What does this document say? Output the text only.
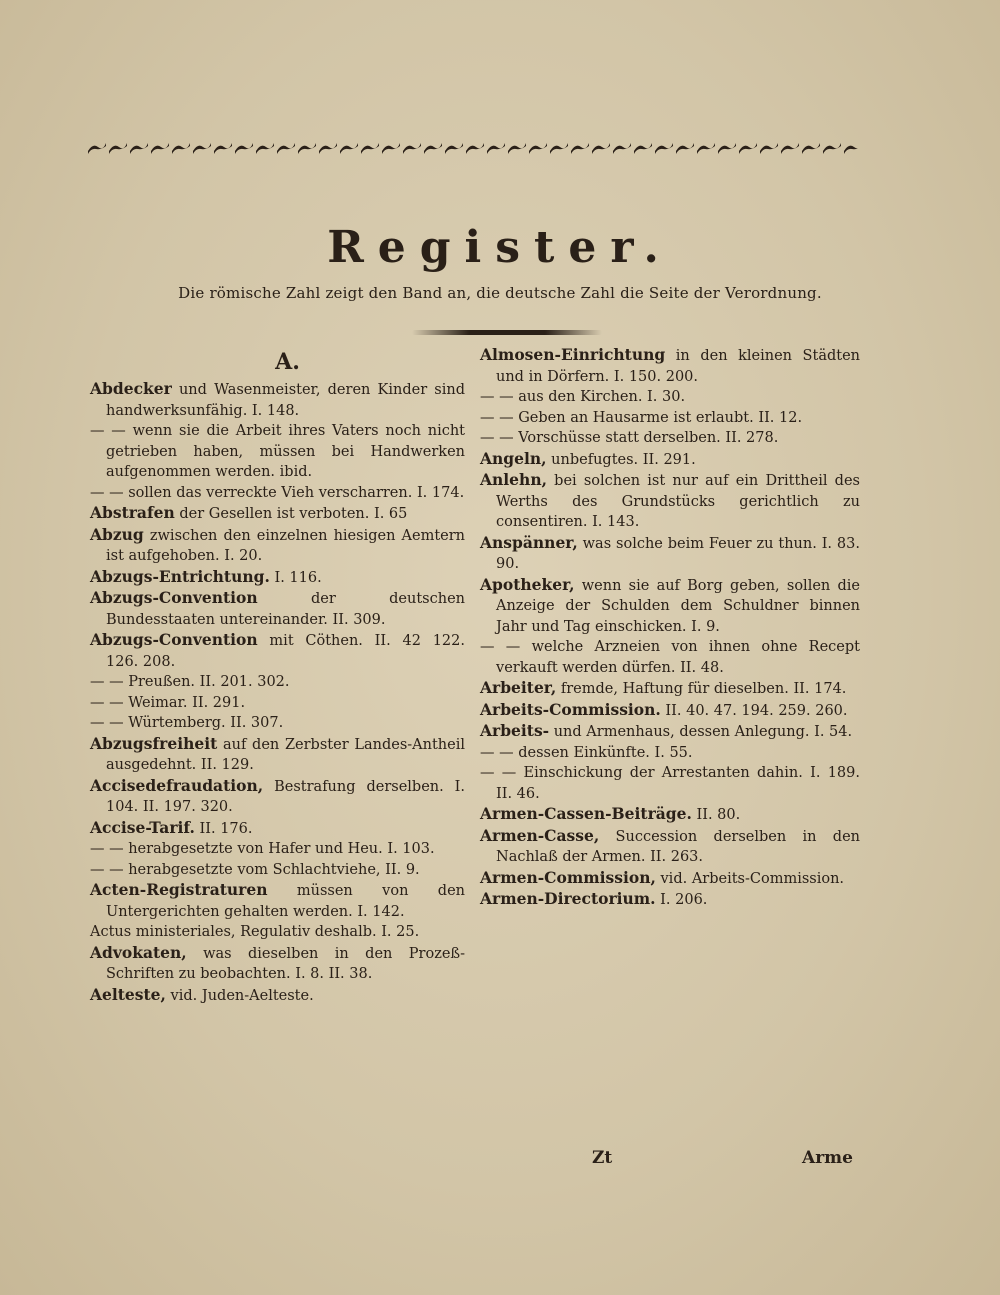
Register.

Die römische Zahl zeigt den Band an, die deutsche Zahl die Seite der Verordnung.

A.

Abdecker und Wasenmeister, deren Kinder sind handwerksunfähig. I. 148.

— — wenn sie die Arbeit ihres Vaters noch nicht getrieben haben, müssen bei Handwerken aufgenommen werden. ibid.

— — sollen das verreckte Vieh verscharren. I. 174.

Abstrafen der Gesellen ist verboten. I. 65

Abzug zwischen den einzelnen hiesigen Aemtern ist aufgehoben. I. 20.

Abzugs-Entrichtung. I. 116.

Abzugs-Convention der deutschen Bundesstaaten untereinander. II. 309.

Abzugs-Convention mit Cöthen. II. 42 122. 126. 208.

— — Preußen. II. 201. 302.

— — Weimar. II. 291.

— — Würtemberg. II. 307.

Abzugsfreiheit auf den Zerbster Landes-Antheil ausgedehnt. II. 129.

Accisedefraudation, Bestrafung derselben. I. 104. II. 197. 320.

Accise-Tarif. II. 176.

— — herabgesetzte von Hafer und Heu. I. 103.

— — herabgesetzte vom Schlachtviehe, II. 9.

Acten-Registraturen müssen von den Untergerichten gehalten werden. I. 142.

Actus ministeriales, Regulativ deshalb. I. 25.

Advokaten, was dieselben in den Prozeß-Schriften zu beobachten. I. 8. II. 38.

Aelteste, vid. Juden-Aelteste.

Almosen-Einrichtung in den kleinen Städten und in Dörfern. I. 150. 200.

— — aus den Kirchen. I. 30.

— — Geben an Hausarme ist erlaubt. II. 12.

— — Vorschüsse statt derselben. II. 278.

Angeln, unbefugtes. II. 291.

Anlehn, bei solchen ist nur auf ein Drittheil des Werths des Grundstücks gerichtlich zu consentiren. I. 143.

Anspänner, was solche beim Feuer zu thun. I. 83. 90.

Apotheker, wenn sie auf Borg geben, sollen die Anzeige der Schulden dem Schuldner binnen Jahr und Tag einschicken. I. 9.

— — welche Arzneien von ihnen ohne Recept verkauft werden dürfen. II. 48.

Arbeiter, fremde, Haftung für dieselben. II. 174.

Arbeits-Commission. II. 40. 47. 194. 259. 260.

Arbeits- und Armenhaus, dessen Anlegung. I. 54.

— — dessen Einkünfte. I. 55.

— — Einschickung der Arrestanten dahin. I. 189. II. 46.

Armen-Cassen-Beiträge. II. 80.

Armen-Casse, Succession derselben in den Nachlaß der Armen. II. 263.

Armen-Commission, vid. Arbeits-Commission.

Armen-Directorium. I. 206.

Zt	Arme
